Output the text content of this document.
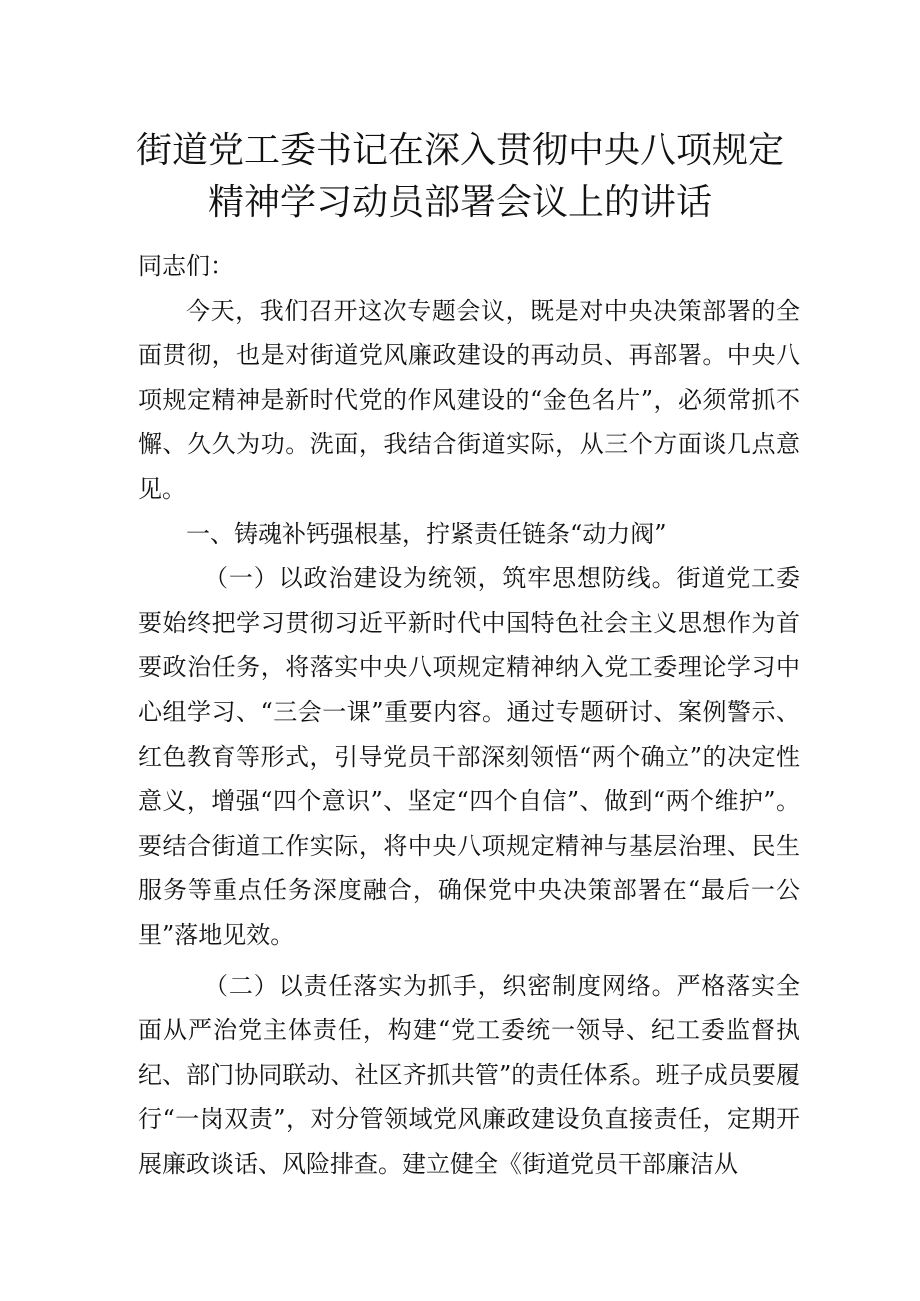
街道党工委书记在深入贯彻中央八项规定
精神学习动员部署会议上的讲话

同志们：

今天，我们召开这次专题会议，既是对中央决策部署的全面贯彻，也是对街道党风廉政建设的再动员、再部署。中央八项规定精神是新时代党的作风建设的“金色名片”，必须常抓不懈、久久为功。洗面，我结合街道实际，从三个方面谈几点意见。

一、铸魂补钙强根基，拧紧责任链条“动力阀”

（一）以政治建设为统领，筑牢思想防线。街道党工委要始终把学习贯彻习近平新时代中国特色社会主义思想作为首要政治任务，将落实中央八项规定精神纳入党工委理论学习中心组学习、“三会一课”重要内容。通过专题研讨、案例警示、红色教育等形式，引导党员干部深刻领悟“两个确立”的决定性意义，增强“四个意识”、坚定“四个自信”、做到“两个维护”。要结合街道工作实际，将中央八项规定精神与基层治理、民生服务等重点任务深度融合，确保党中央决策部署在“最后一公里”落地见效。

（二）以责任落实为抓手，织密制度网络。严格落实全面从严治党主体责任，构建“党工委统一领导、纪工委监督执纪、部门协同联动、社区齐抓共管”的责任体系。班子成员要履行“一岗双责”，对分管领域党风廉政建设负直接责任，定期开展廉政谈话、风险排查。建立健全《街道党员干部廉洁从
